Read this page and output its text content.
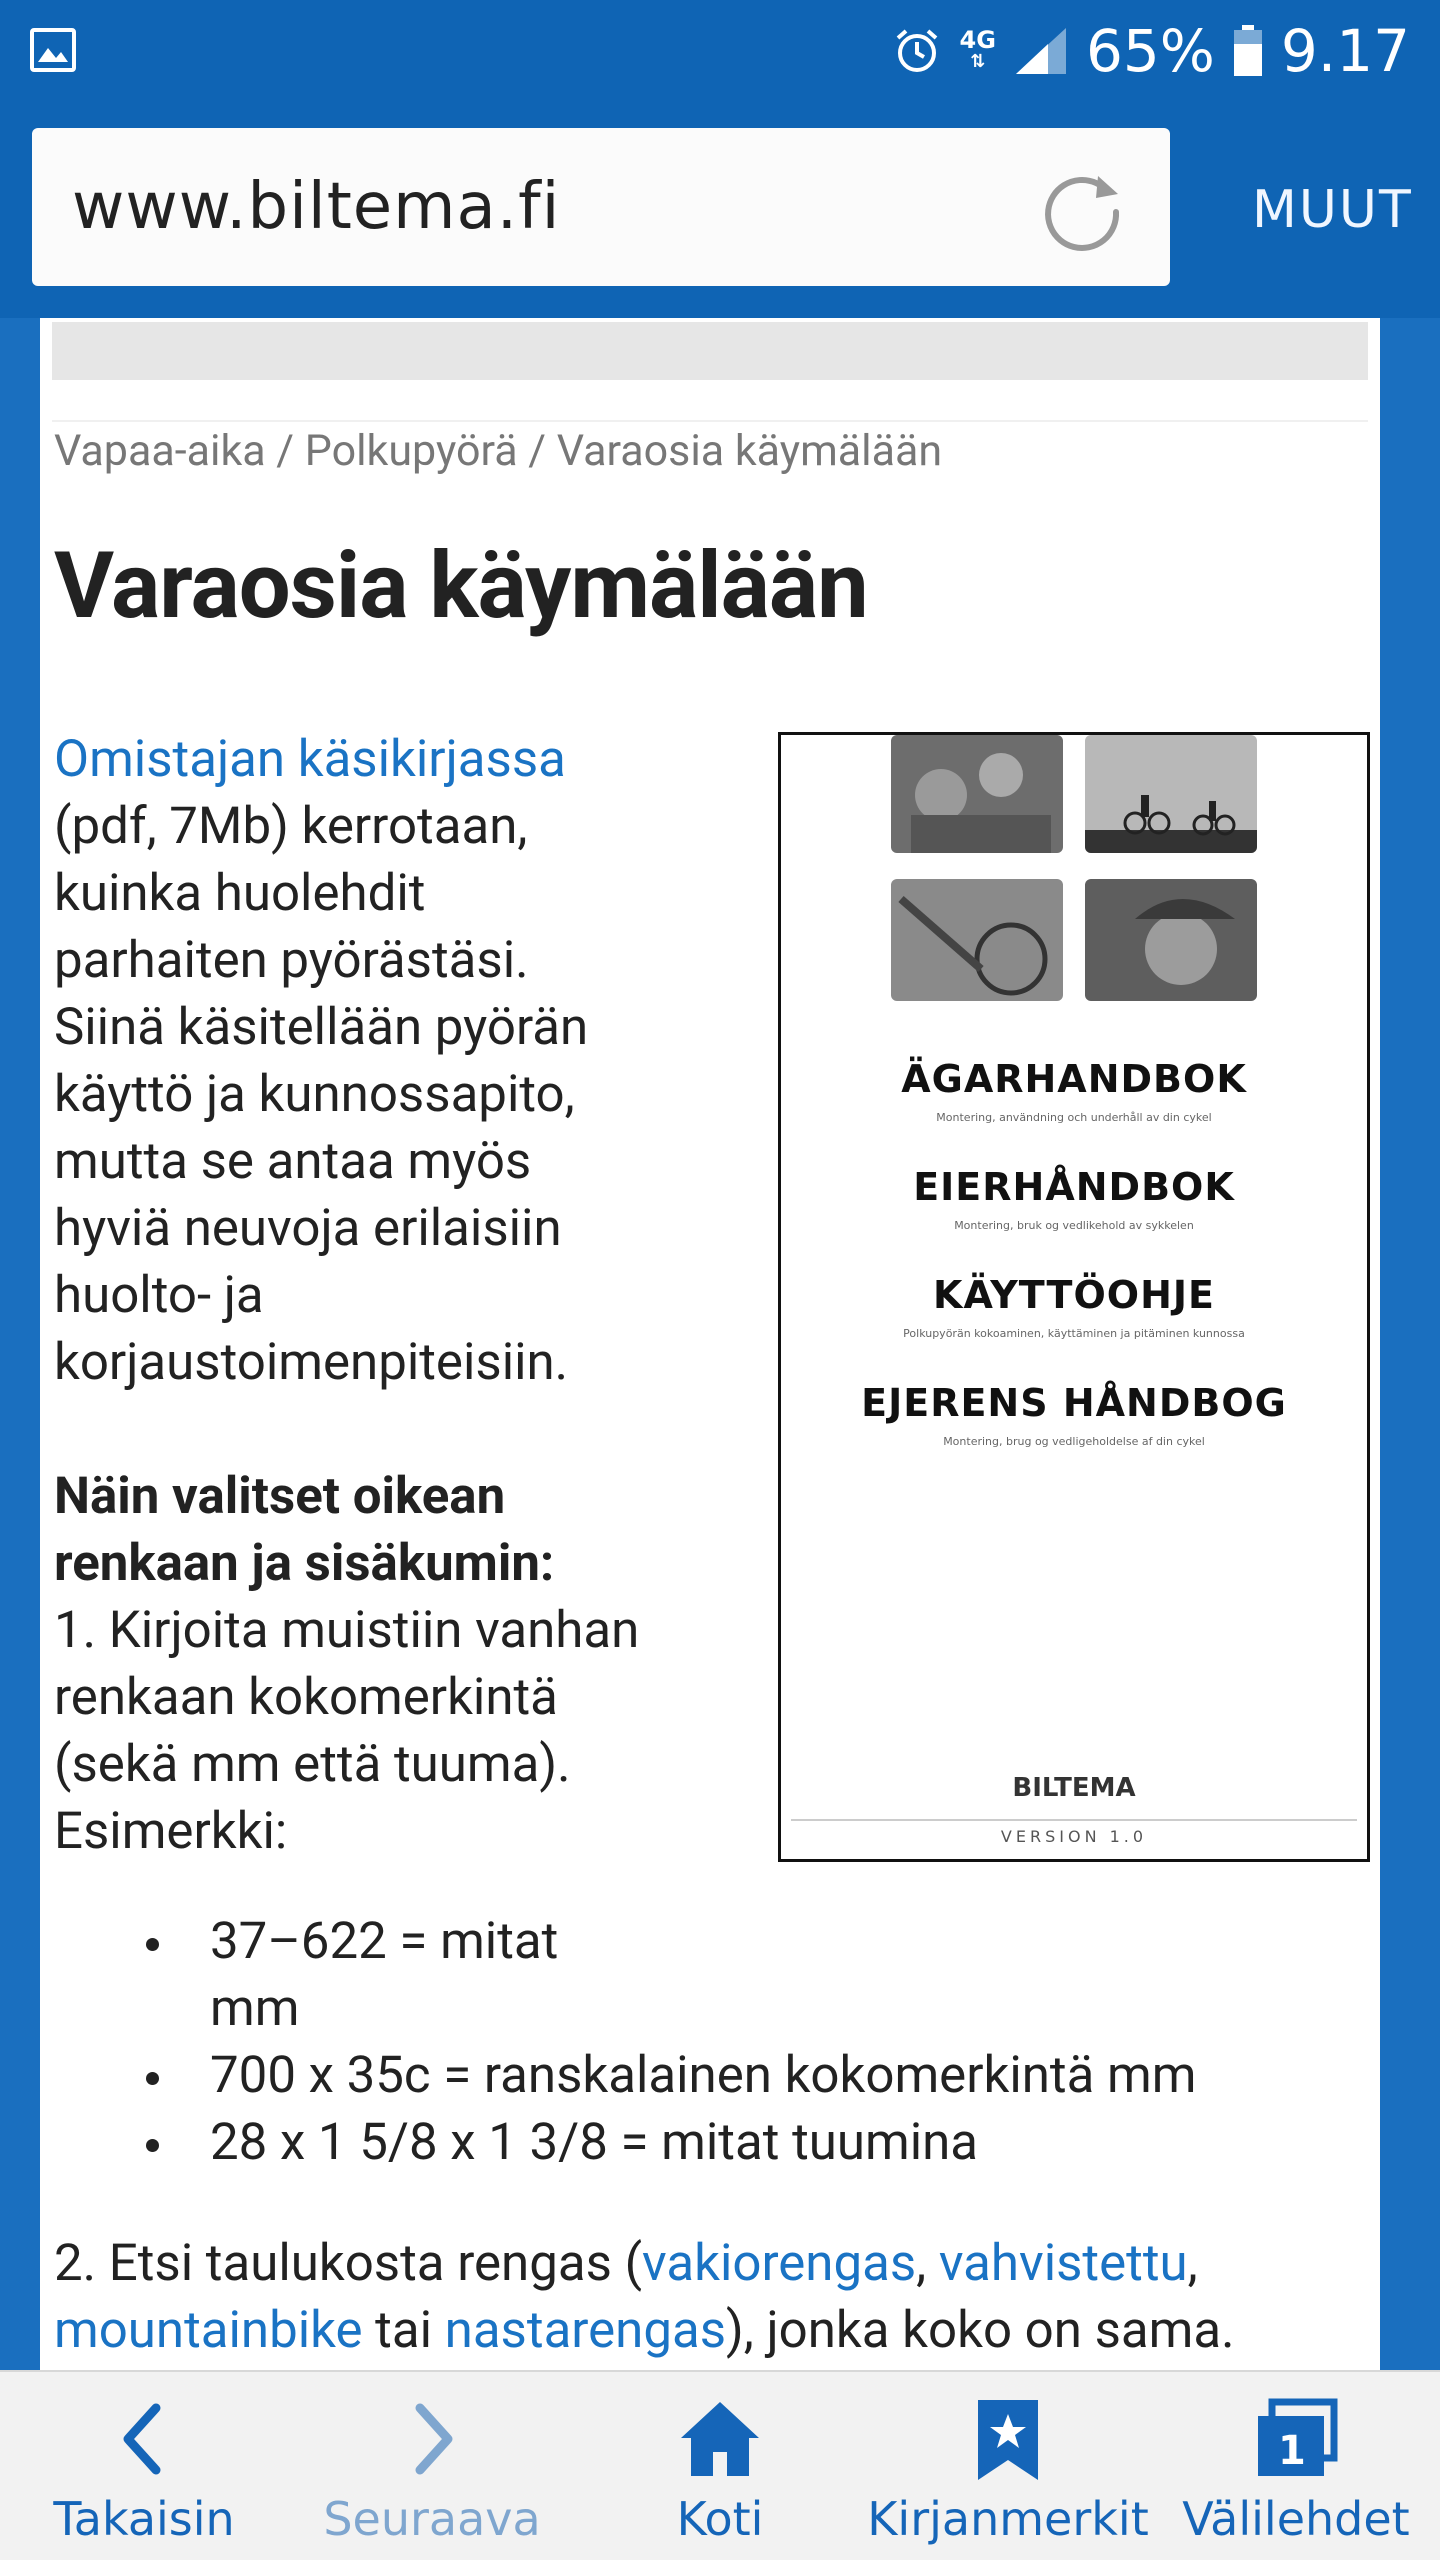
4G
⇅ 65% 9.17
www.biltema.fi	MUUT
Vapaa-aika / Polkupyörä / Varaosia käymälään
Varaosia käymälään
Omistajan käsikirjassa
(pdf, 7Mb) kerrotaan,
kuinka huolehdit
parhaiten pyörästäsi.
Siinä käsitellään pyörän
käyttö ja kunnossapito,
mutta se antaa myös
hyviä neuvoja erilaisiin
huolto- ja
korjaustoimenpiteisiin.
Näin valitset oikean
renkaan ja sisäkumin:
1. Kirjoita muistiin vanhan
renkaan kokomerkintä
(sekä mm että tuuma).
Esimerkki:
ÄGARHANDBOK
Montering, användning och underhåll av din cykel
EIERHÅNDBOK
Montering, bruk og vedlikehold av sykkelen
KÄYTTÖOHJE
Polkupyörän kokoaminen, käyttäminen ja pitäminen kunnossa
EJERENS HÅNDBOG
Montering, brug og vedligeholdelse af din cykel
BILTEMA
VERSION 1.0
37–622 = mitat mm
700 x 35c = ranskalainen kokomerkintä mm
28 x 1 5/8 x 1 3/8 = mitat tuumina
2. Etsi taulukosta rengas (vakiorengas, vahvistettu,
mountainbike tai nastarengas), jonka koko on sama.
Takaisin	Seuraava	Koti	Kirjanmerkit
1
Välilehdet
